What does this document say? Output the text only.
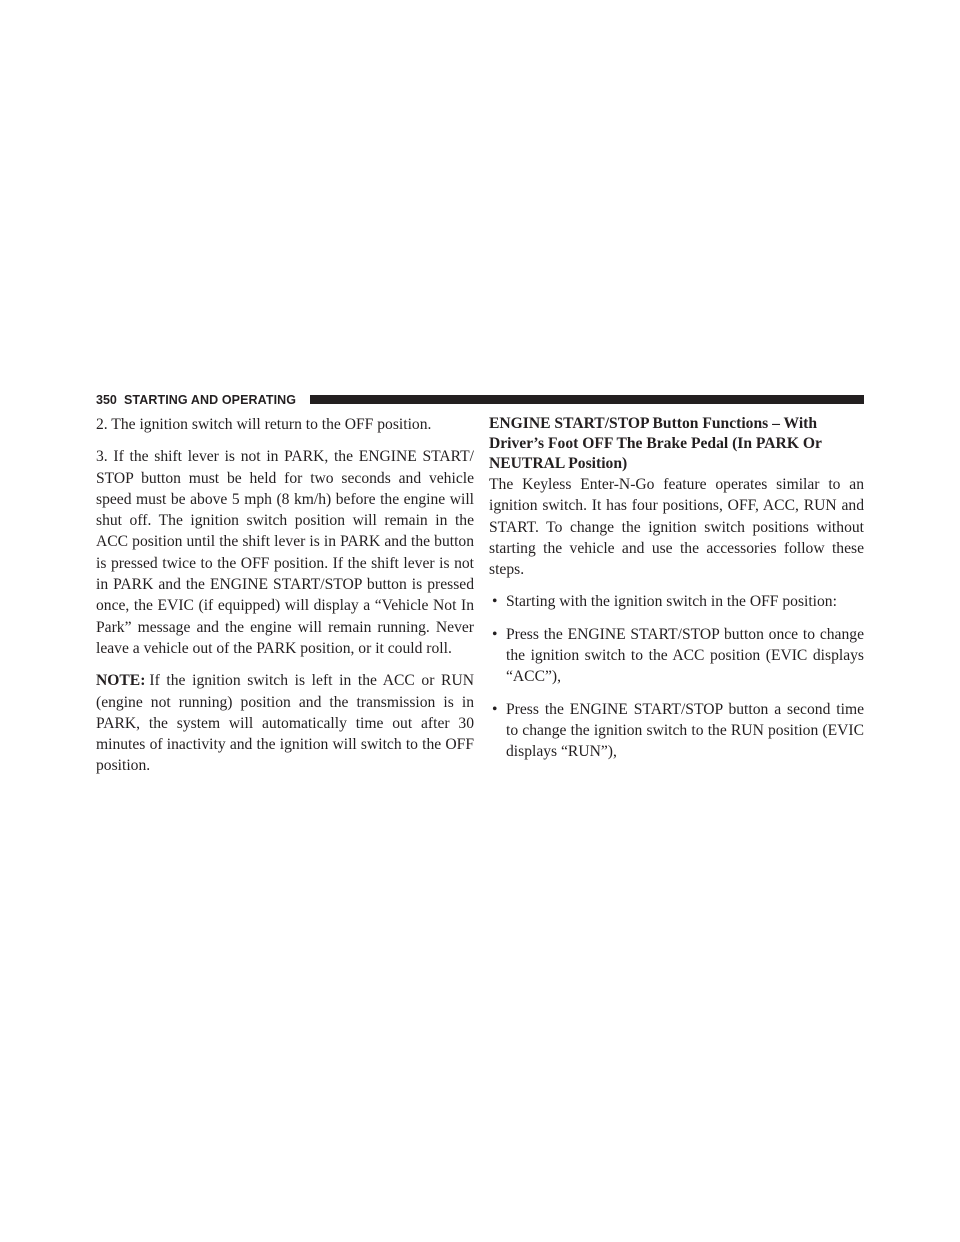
350 STARTING AND OPERATING

2. The ignition switch will return to the OFF position.

3. If the shift lever is not in PARK, the ENGINE START/ STOP button must be held for two seconds and vehicle speed must be above 5 mph (8 km/h) before the engine will shut off. The ignition switch position will remain in the ACC position until the shift lever is in PARK and the button is pressed twice to the OFF position. If the shift lever is not in PARK and the ENGINE START/STOP button is pressed once, the EVIC (if equipped) will display a “Vehicle Not In Park” message and the engine will remain running. Never leave a vehicle out of the PARK position, or it could roll.

NOTE: If the ignition switch is left in the ACC or RUN (engine not running) position and the transmission is in PARK, the system will automatically time out after 30 minutes of inactivity and the ignition will switch to the OFF position.

ENGINE START/STOP Button Functions – With Driver’s Foot OFF The Brake Pedal (In PARK Or NEUTRAL Position)

The Keyless Enter-N-Go feature operates similar to an ignition switch. It has four positions, OFF, ACC, RUN and START. To change the ignition switch positions without starting the vehicle and use the accessories follow these steps.

• Starting with the ignition switch in the OFF position:
• Press the ENGINE START/STOP button once to change the ignition switch to the ACC position (EVIC displays “ACC”),
• Press the ENGINE START/STOP button a second time to change the ignition switch to the RUN position (EVIC displays “RUN”),
